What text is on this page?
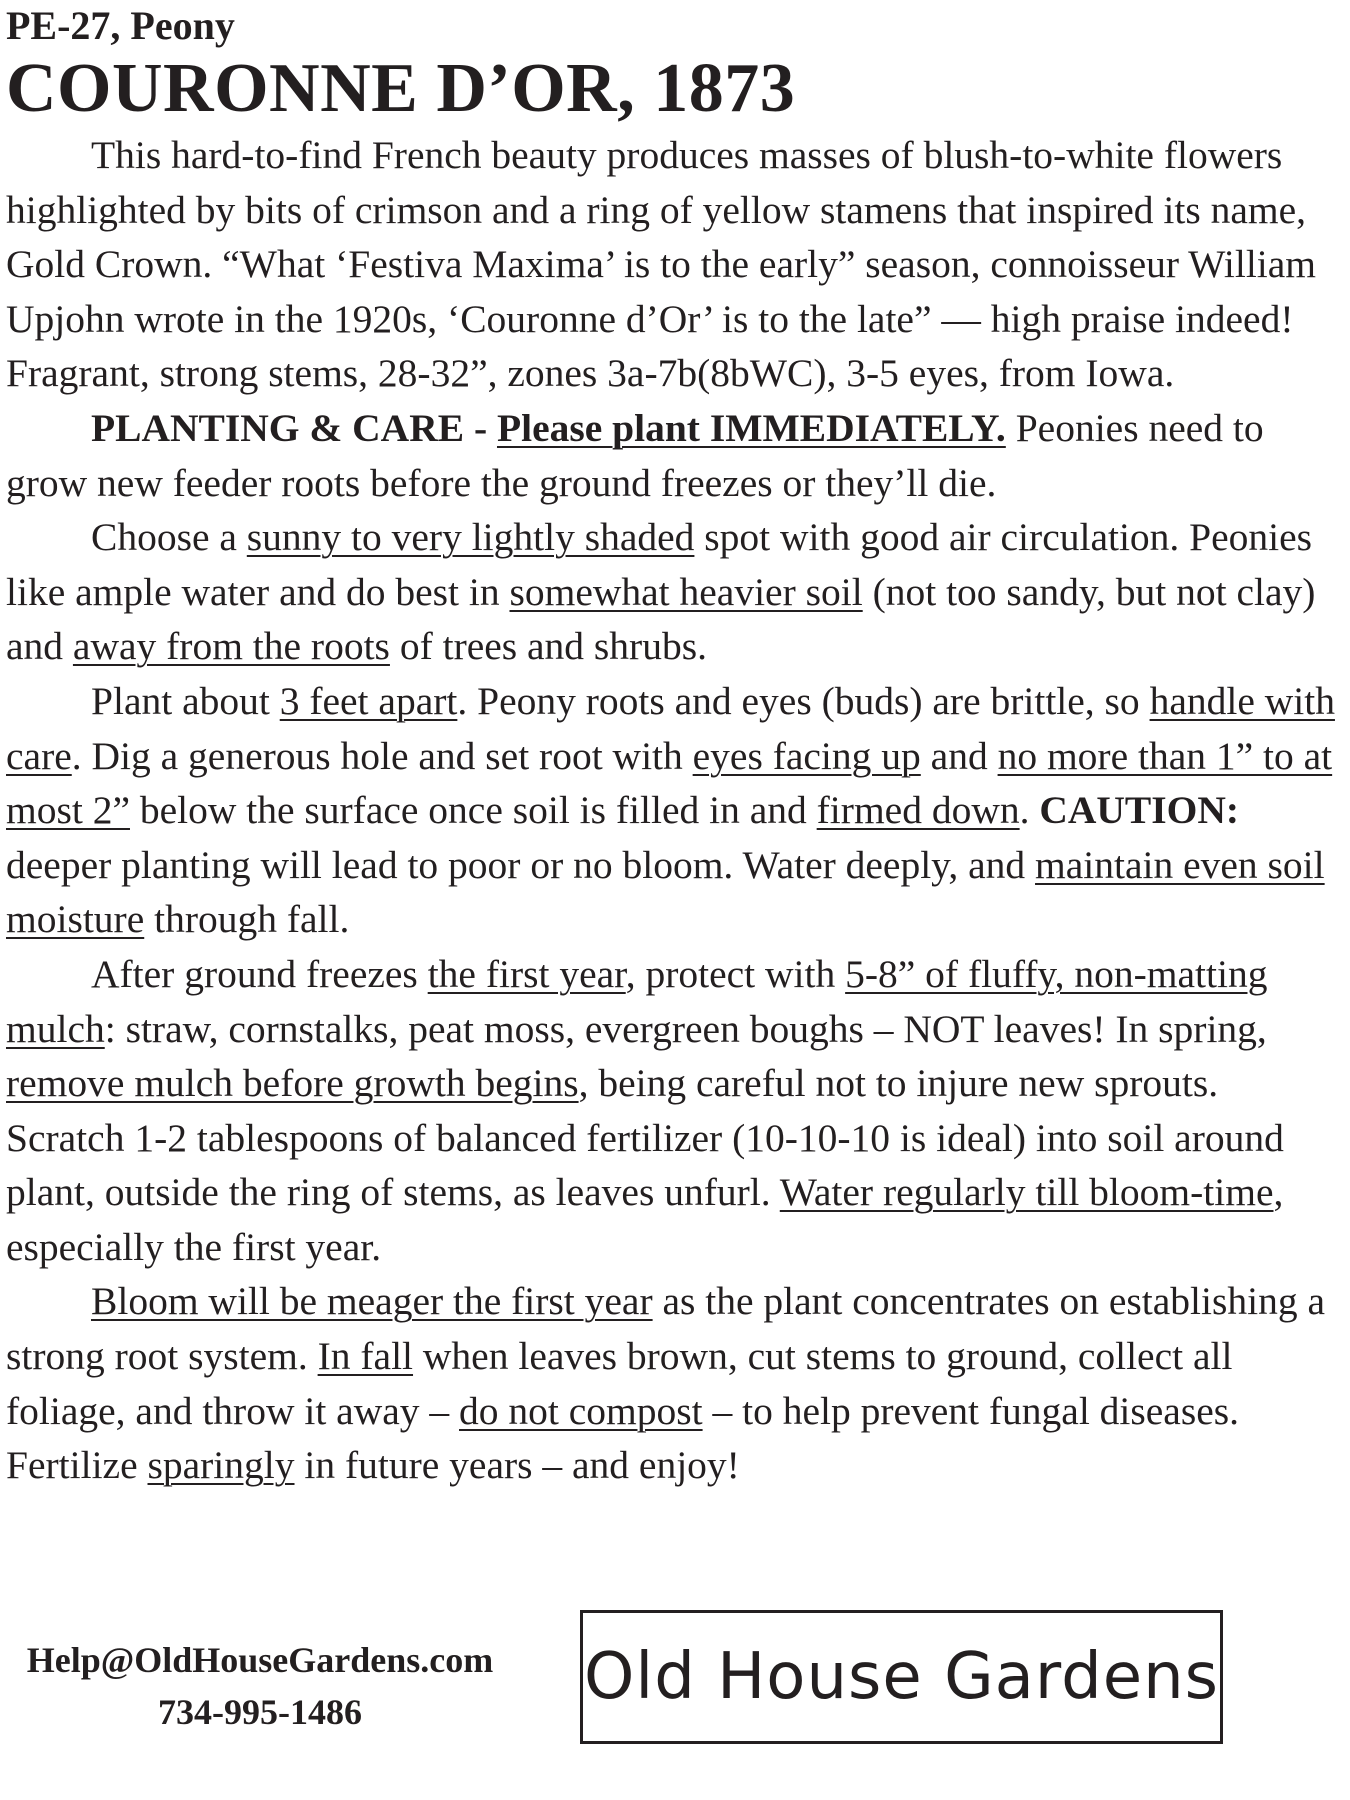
PE-27, Peony
COURONNE D’OR, 1873

This hard-to-find French beauty produces masses of blush-to-white flowers highlighted by bits of crimson and a ring of yellow stamens that inspired its name, Gold Crown. “What ‘Festiva Maxima’ is to the early” season, connoisseur William Upjohn wrote in the 1920s, ‘Couronne d’Or’ is to the late” — high praise indeed! Fragrant, strong stems, 28-32”, zones 3a-7b(8bWC), 3-5 eyes, from Iowa.

PLANTING & CARE - Please plant IMMEDIATELY. Peonies need to grow new feeder roots before the ground freezes or they’ll die.

Choose a sunny to very lightly shaded spot with good air circulation. Peonies like ample water and do best in somewhat heavier soil (not too sandy, but not clay) and away from the roots of trees and shrubs.

Plant about 3 feet apart. Peony roots and eyes (buds) are brittle, so handle with care. Dig a generous hole and set root with eyes facing up and no more than 1” to at most 2” below the surface once soil is filled in and firmed down. CAUTION: deeper planting will lead to poor or no bloom. Water deeply, and maintain even soil moisture through fall.

After ground freezes the first year, protect with 5-8” of fluffy, non-matting mulch: straw, cornstalks, peat moss, evergreen boughs – NOT leaves! In spring, remove mulch before growth begins, being careful not to injure new sprouts. Scratch 1-2 tablespoons of balanced fertilizer (10-10-10 is ideal) into soil around plant, outside the ring of stems, as leaves unfurl. Water regularly till bloom-time, especially the first year.

Bloom will be meager the first year as the plant concentrates on establishing a strong root system. In fall when leaves brown, cut stems to ground, collect all foliage, and throw it away – do not compost – to help prevent fungal diseases. Fertilize sparingly in future years – and enjoy!

Help@OldHouseGardens.com
734-995-1486	Old House Gardens
